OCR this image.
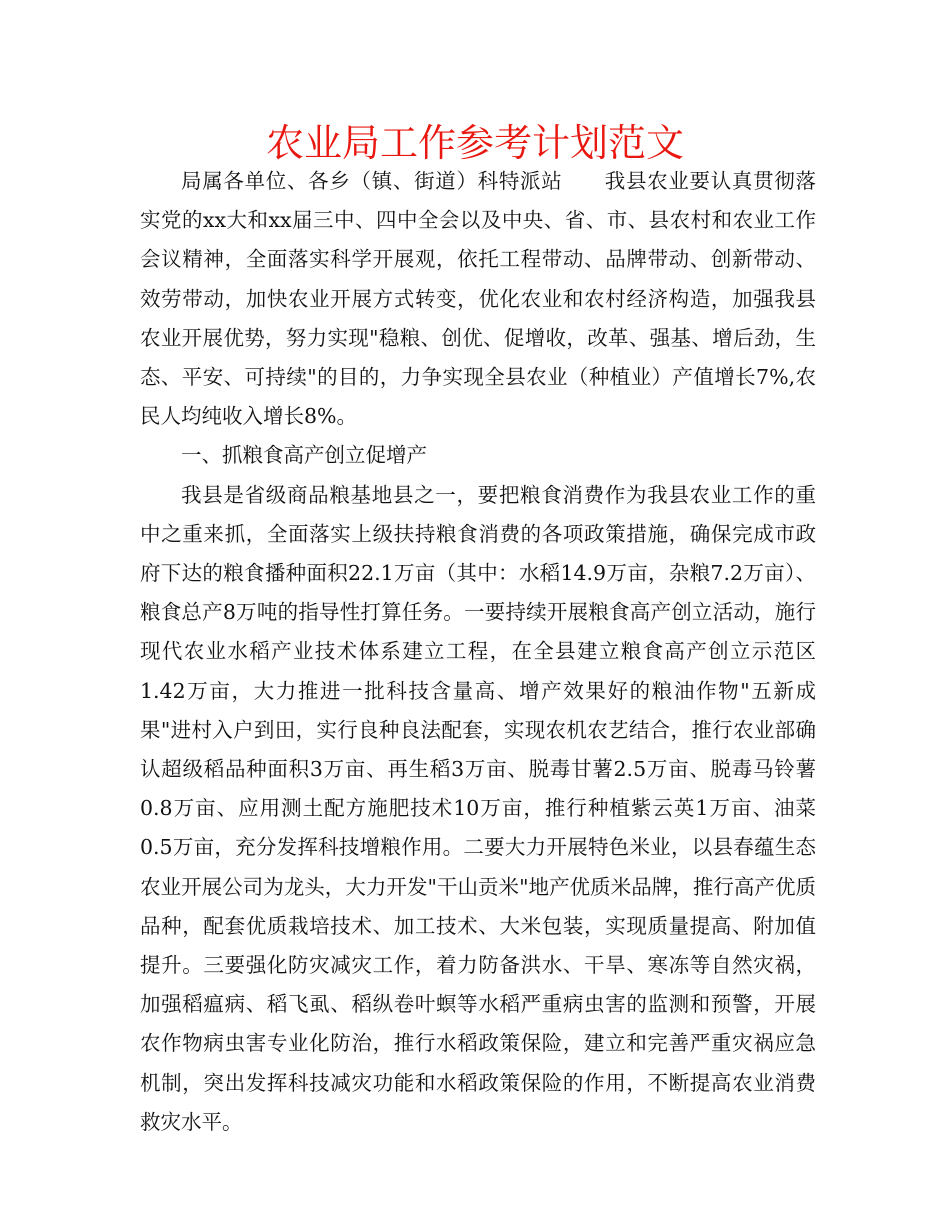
农业局工作参考计划范文

局属各单位、各乡（镇、街道）科特派站　　我县农业要认真贯彻落实党的xx大和xx届三中、四中全会以及中央、省、市、县农村和农业工作会议精神，全面落实科学开展观，依托工程带动、品牌带动、创新带动、效劳带动，加快农业开展方式转变，优化农业和农村经济构造，加强我县农业开展优势，努力实现"稳粮、创优、促增收，改革、强基、增后劲，生态、平安、可持续"的目的，力争实现全县农业（种植业）产值增长7%,农民人均纯收入增长8%。

一、抓粮食高产创立促增产

我县是省级商品粮基地县之一，要把粮食消费作为我县农业工作的重中之重来抓，全面落实上级扶持粮食消费的各项政策措施，确保完成市政府下达的粮食播种面积22.1万亩（其中：水稻14.9万亩，杂粮7.2万亩）、粮食总产8万吨的指导性打算任务。一要持续开展粮食高产创立活动，施行现代农业水稻产业技术体系建立工程，在全县建立粮食高产创立示范区1.42万亩，大力推进一批科技含量高、增产效果好的粮油作物"五新成果"进村入户到田，实行良种良法配套，实现农机农艺结合，推行农业部确认超级稻品种面积3万亩、再生稻3万亩、脱毒甘薯2.5万亩、脱毒马铃薯0.8万亩、应用测土配方施肥技术10万亩，推行种植紫云英1万亩、油菜0.5万亩，充分发挥科技增粮作用。二要大力开展特色米业，以县春蕴生态农业开展公司为龙头，大力开发"干山贡米"地产优质米品牌，推行高产优质品种，配套优质栽培技术、加工技术、大米包装，实现质量提高、附加值提升。三要强化防灾减灾工作，着力防备洪水、干旱、寒冻等自然灾祸，加强稻瘟病、稻飞虱、稻纵卷叶螟等水稻严重病虫害的监测和预警，开展农作物病虫害专业化防治，推行水稻政策保险，建立和完善严重灾祸应急机制，突出发挥科技减灾功能和水稻政策保险的作用，不断提高农业消费救灾水平。
